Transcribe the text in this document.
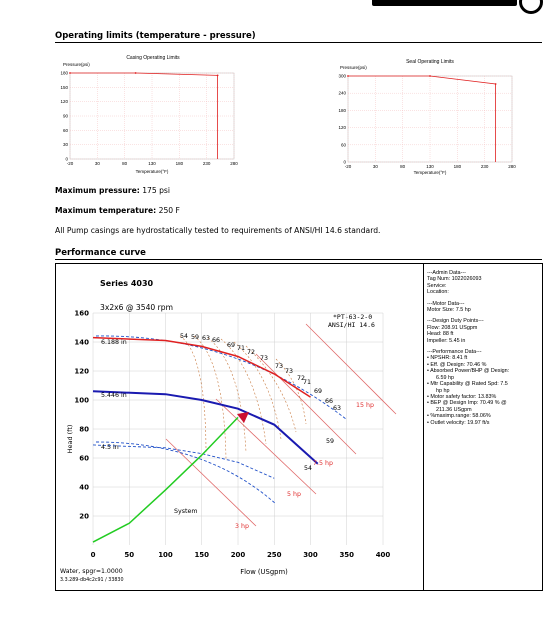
Operating limits (temperature - pressure)
Casing Operating Limits
Pressure(psi)
180
150
120
90
60
30
0
-20	30	80	130	180	230	280
Temperature(°F)
Seal Operating Limits
Pressure(psi)
300
240
180
120
60
0
-20	30	80	130	180	230	280
Temperature(°F)
Maximum pressure: 175 psi
Maximum temperature: 250 F
All Pump casings are hydrostatically tested to requirements of ANSI/HI 14.6 standard.
Performance curve
Series 4030
3x2x6 @ 3540 rpm
*PT-63-2-0
ANSI/HI 14.6
Head (ft)
Flow (USgpm)
Water, spgr=1.0000
3.3.289-db4c2c91 / 33830
160
140
120
100
80
60
40
20
0	50	100	150	200	250	300	350	400
6.188 in
5.446 in
4.5 in
System
54 59 63 66
69 71
72
73
73
73
72
71
69
66
63
59
54
15 hp
7.5 hp
5 hp
3 hp
---Admin Data---
Tag Num: 1022026093
Service:
Location:
---Motor Data---
Motor Size: 7.5 hp
---Design Duty Points---
Flow: 208.91 USgpm
Head: 88 ft
Impeller: 5.45 in
---Performance Data---
• NPSHR: 8.41 ft
• Eff. @ Design: 70.46 %
• Absorbed Power/BHP @ Design:
6.59 hp
• Mtr Capability @ Rated Spd: 7.5
hp hp
• Motor safety factor: 13.83%
• BEP @ Design Imp: 70.49 % @
211.36 USgpm
• %maximp.range: 58.06%
• Outlet velocity: 19.97 ft/s
